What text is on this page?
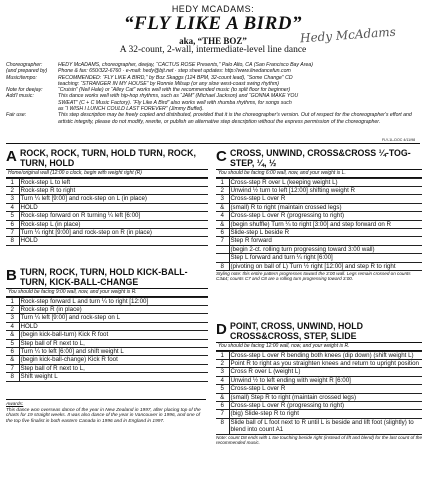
HEDY MCADAMS:
“FLY LIKE A BIRD”
aka, “THE BOZ”
A 32-count, 2-wall, intermediate-level line dance
Hedy McAdams
Choreographer:	HEDY McADAMS, choreographer, deejay, “CACTUS ROSE Presents,” Palo Alto, CA (San Francisco Bay Area)
(and prepared by)	Phone & fax: 650/322-6760 · e-mail: hedy@bjt.net · step sheet updates: http://www.linedancefun.com
Music/tempo:	RECOMMENDED: “FLY LIKE A BIRD,” by Boz Skaggs (124 BPM, 32-count lead), “Some Change” CD
teaching: “STRANGER IN MY HOUSE” by Ronnie Milsap (or any slow west-coast swing rhythm)
Note for deejay:	“Cruisin” (Neil Hale) or “Alley Cat” works well with the recommended music (to split floor for beginner)
Add'l music:	This dance works well with hip-hop rhythms, such as “JAM” (Michael Jackson) and “GONNA MAKE YOU
SWEAT” (C + C Music Factory). “Fly Like A Bird” also works well with rhumba rhythms, for songs such
as “I WISH I LUNCH COULD LAST FOREVER” (Jimmy Buffet).
Fair use:	This step description may be freely copied and distributed, provided that it is the choreographer's version. Out of respect for the choreographer's effort and artistic integrity, please do not modify, rewrite, or publish an alternative step description without the express permission of the choreographer.
FLY-1L-DOC 4/11/98
A ROCK, ROCK, TURN, HOLD TURN, ROCK, TURN, HOLD
Home/original wall (12:00 o clock, begin with weight right (R)
1	Rock-step L to left
2	Rock-step R to right
3	Turn ¼ left [9:00] and rock-step on L (in place)
4	HOLD
5	Rock-step forward on R turning ¼ left [6:00]
6	Rock-step L (in place)
7	Turn ¼ right [9:00] and rock-step on R (in place)
8	HOLD
B TURN, ROCK, TURN, HOLD KICK-BALL-TURN, KICK-BALL-CHANGE
You should be facing 9:00 wall, now, and your weight is R.
1	Rock-step forward L and turn ¼ to right [12:00]
2	Rock-step R (in place)
3	Turn ¼ left [9:00] and rock-step on L
4	HOLD
&	(begin kick-ball-turn) Kick R foot
5	Step ball of R next to L,
6	Turn ¼ to left [6:00] and shift weight L
&	(begin kick-ball-change) Kick R foot
7	Step ball of R next to L,
8	Shift weight L
C CROSS, UNWIND, CROSS&CROSS ¼-TOG-STEP, ¼, ½
You should be facing 6:00 wall, now, and your weight is L.
1	Cross-step R over L (keeping weight L)
2	Unwind ½ turn to left [12:00] shifting weight R
3	Cross-step L over R
&	(small) R to right (maintain crossed legs)
4	Cross-step L over R (progressing to right)
&	(begin shuffle) Turn ¼ to right [3:00] and step forward on R
6	Slide-step L beside R
7	Step R forward
	(begin 2-ct. rolling turn progressing toward 3:00 wall)
	Step L forward and turn ¼ right [6:00]
8	(pivoting on ball of L) Turn ½ right [12:00] and step R to right
Styling note: this entire pattern progresses toward the 3:00 wall. Legs remain crossed on counts C3&4; counts C7 and C8 are a rolling turn progressing toward 3:00.
D POINT, CROSS, UNWIND, HOLD CROSS&CROSS, STEP, SLIDE
You should be facing 12:00 wall, now, and your weight is R.
1	Cross-step L over R bending both knees (dip down) (shift weight L)
2	Point R to right as you straighten knees and return to upright position
3	Cross R over L (weight L)
4	Unwind ½ to left ending with weight R [6:00]
5	Cross-step L over R
&	(small) Step R to right (maintain crossed legs)
6	Cross-step L over R (progressing to right)
7	(big) Slide-step R to right
8	Slide ball of L foot next to R until L is beside and lift foot (slightly) to blend into count A1
Note: count D8 ends with L toe touching beside right (instead of lift and blend) for the last count of the recommended music.
Awards:
This dance won overseas dance of the year in New Zealand in 1997, after placing top of the charts for 19 straight weeks. It was also dance of the year in Vancouver in 1996, and one of the top five finalist in both eastern Canada in 1996 and in England in 1997.
